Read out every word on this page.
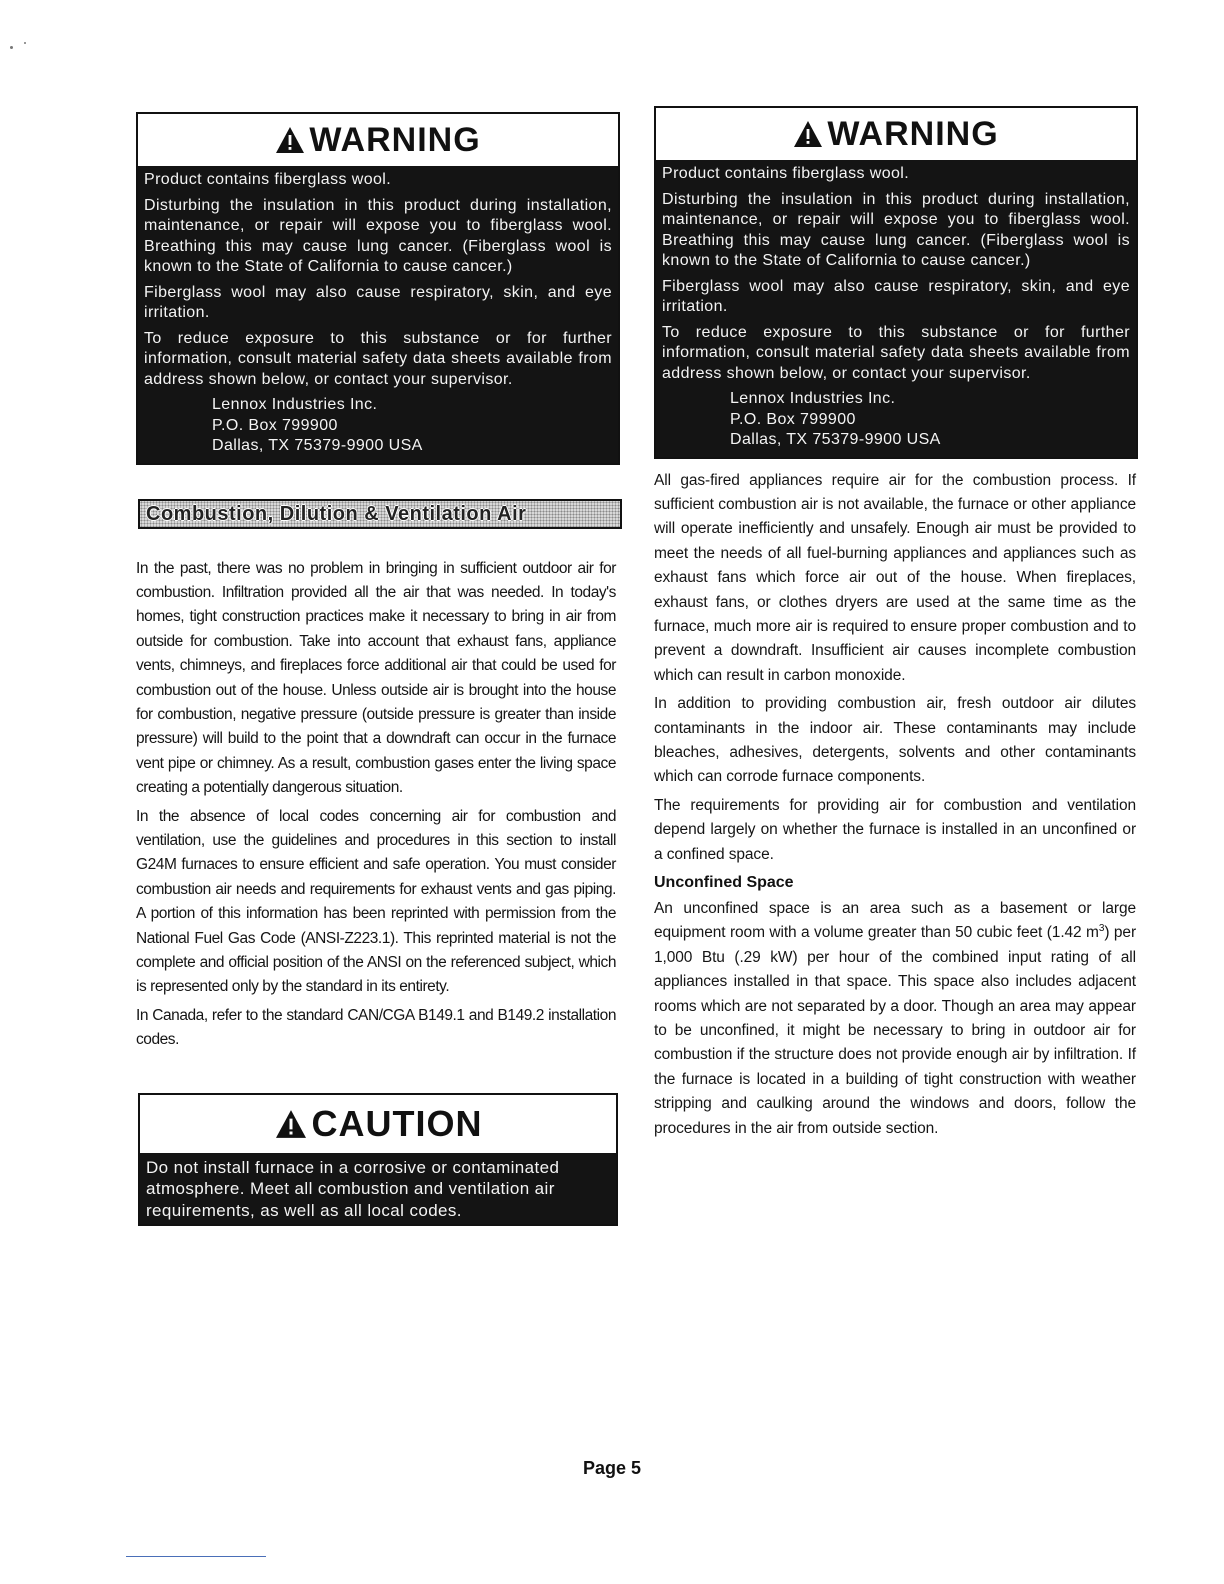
WARNING

Product contains fiberglass wool.

Disturbing the insulation in this product during installation, maintenance, or repair will expose you to fiberglass wool. Breathing this may cause lung cancer. (Fiberglass wool is known to the State of California to cause cancer.)

Fiberglass wool may also cause respiratory, skin, and eye irritation.

To reduce exposure to this substance or for further information, consult material safety data sheets available from address shown below, or contact your supervisor.

Lennox Industries Inc.
P.O. Box 799900
Dallas, TX 75379-9900 USA
Combustion, Dilution & Ventilation Air

In the past, there was no problem in bringing in sufficient outdoor air for combustion. Infiltration provided all the air that was needed. In today's homes, tight construction practices make it necessary to bring in air from outside for combustion. Take into account that exhaust fans, appliance vents, chimneys, and fireplaces force additional air that could be used for combustion out of the house. Unless outside air is brought into the house for combustion, negative pressure (outside pressure is greater than inside pressure) will build to the point that a downdraft can occur in the furnace vent pipe or chimney. As a result, combustion gases enter the living space creating a potentially dangerous situation.

In the absence of local codes concerning air for combustion and ventilation, use the guidelines and procedures in this section to install G24M furnaces to ensure efficient and safe operation. You must consider combustion air needs and requirements for exhaust vents and gas piping. A portion of this information has been reprinted with permission from the National Fuel Gas Code (ANSI-Z223.1). This reprinted material is not the complete and official position of the ANSI on the referenced subject, which is represented only by the standard in its entirety.

In Canada, refer to the standard CAN/CGA B149.1 and B149.2 installation codes.

CAUTION

Do not install furnace in a corrosive or contaminated atmosphere. Meet all combustion and ventilation air requirements, as well as all local codes.

WARNING

Product contains fiberglass wool.

Disturbing the insulation in this product during installation, maintenance, or repair will expose you to fiberglass wool. Breathing this may cause lung cancer. (Fiberglass wool is known to the State of California to cause cancer.)

Fiberglass wool may also cause respiratory, skin, and eye irritation.

To reduce exposure to this substance or for further information, consult material safety data sheets available from address shown below, or contact your supervisor.

Lennox Industries Inc.
P.O. Box 799900
Dallas, TX 75379-9900 USA

All gas-fired appliances require air for the combustion process. If sufficient combustion air is not available, the furnace or other appliance will operate inefficiently and unsafely. Enough air must be provided to meet the needs of all fuel-burning appliances and appliances such as exhaust fans which force air out of the house. When fireplaces, exhaust fans, or clothes dryers are used at the same time as the furnace, much more air is required to ensure proper combustion and to prevent a downdraft. Insufficient air causes incomplete combustion which can result in carbon monoxide.

In addition to providing combustion air, fresh outdoor air dilutes contaminants in the indoor air. These contaminants may include bleaches, adhesives, detergents, solvents and other contaminants which can corrode furnace components.

The requirements for providing air for combustion and ventilation depend largely on whether the furnace is installed in an unconfined or a confined space.

Unconfined Space

An unconfined space is an area such as a basement or large equipment room with a volume greater than 50 cubic feet (1.42 $m^3$) per 1,000 Btu (.29 kW) per hour of the combined input rating of all appliances installed in that space. This space also includes adjacent rooms which are not separated by a door. Though an area may appear to be unconfined, it might be necessary to bring in outdoor air for combustion if the structure does not provide enough air by infiltration. If the furnace is located in a building of tight construction with weather stripping and caulking around the windows and doors, follow the procedures in the air from outside section.

Page 5
